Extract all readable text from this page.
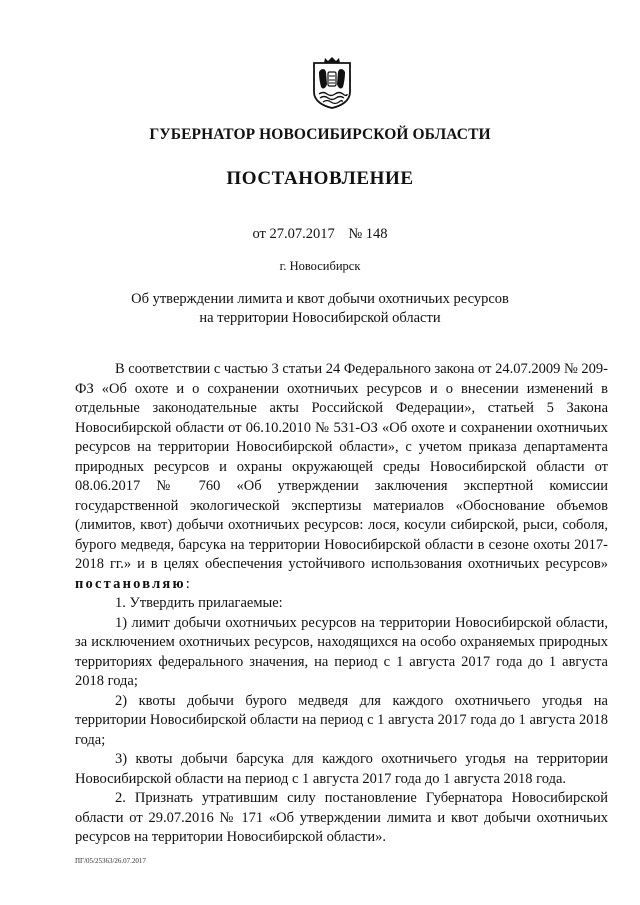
ГУБЕРНАТОР НОВОСИБИРСКОЙ ОБЛАСТИ
ПОСТАНОВЛЕНИЕ
от 27.07.2017 № 148
г. Новосибирск
Об утверждении лимита и квот добычи охотничьих ресурсов
на территории Новосибирской области

В соответствии с частью 3 статьи 24 Федерального закона от 24.07.2009 № 209-ФЗ «Об охоте и о сохранении охотничьих ресурсов и о внесении изменений в отдельные законодательные акты Российской Федерации», статьей 5 Закона Новосибирской области от 06.10.2010 № 531-ОЗ «Об охоте и сохранении охотничьих ресурсов на территории Новосибирской области», с учетом приказа департамента природных ресурсов и охраны окружающей среды Новосибирской области от 08.06.2017 № 760 «Об утверждении заключения экспертной комиссии государственной экологической экспертизы материалов «Обоснование объемов (лимитов, квот) добычи охотничьих ресурсов: лося, косули сибирской, рыси, соболя, бурого медведя, барсука на территории Новосибирской области в сезоне охоты 2017-2018 гг.» и в целях обеспечения устойчивого использования охотничьих ресурсов» постановляю:

1. Утвердить прилагаемые:

1) лимит добычи охотничьих ресурсов на территории Новосибирской области, за исключением охотничьих ресурсов, находящихся на особо охраняемых природных территориях федерального значения, на период с 1 августа 2017 года до 1 августа 2018 года;

2) квоты добычи бурого медведя для каждого охотничьего угодья на территории Новосибирской области на период с 1 августа 2017 года до 1 августа 2018 года;

3) квоты добычи барсука для каждого охотничьего угодья на территории Новосибирской области на период с 1 августа 2017 года до 1 августа 2018 года.

2. Признать утратившим силу постановление Губернатора Новосибирской области от 29.07.2016 № 171 «Об утверждении лимита и квот добычи охотничьих ресурсов на территории Новосибирской области».

ПГ/05/25363/26.07.2017
